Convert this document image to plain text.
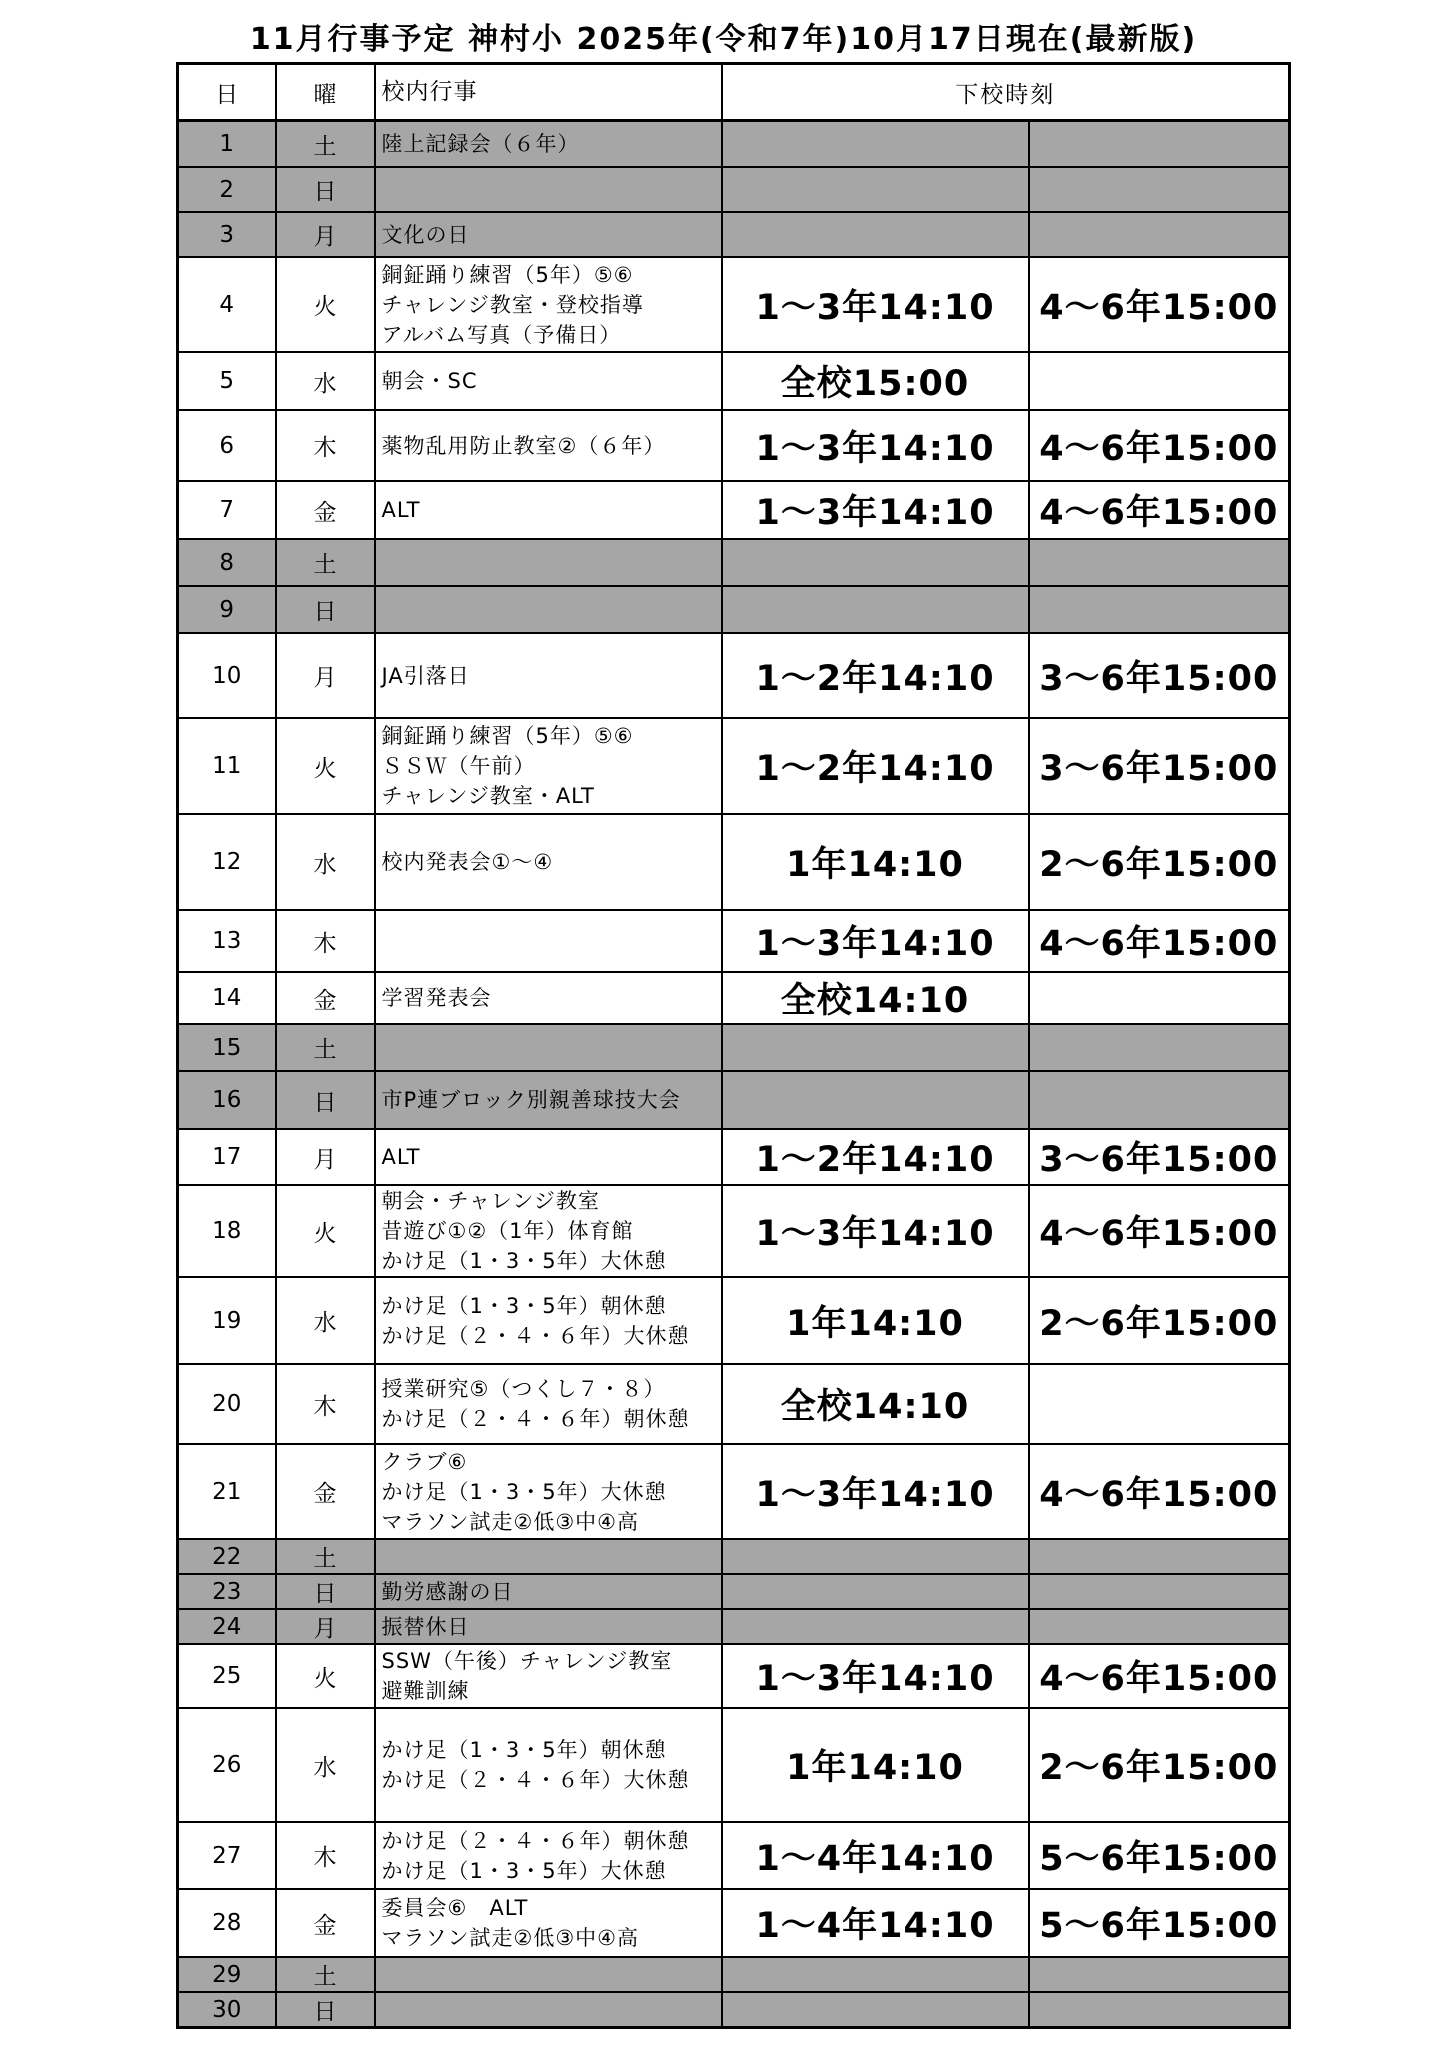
11月行事予定 神村小 2025年(令和7年)10月17日現在(最新版)
日	曜	校内行事	下校時刻	
1	土	陸上記録会（６年）		

2	日			
3	月	文化の日		

4	火	銅鉦踊り練習（5年）⑤⑥
チャレンジ教室・登校指導
アルバム写真（予備日）	1～3年14:10	4～6年15:00
5	水	朝会・SC	全校15:00	
6	木	薬物乱用防止教室②（６年）	1～3年14:10	4～6年15:00
7	金	ALT	1～3年14:10	4～6年15:00
8	土			
9	日			
10	月	JA引落日	1～2年14:10	3～6年15:00
11	火	銅鉦踊り練習（5年）⑤⑥
ＳＳＷ（午前）
チャレンジ教室・ALT	1～2年14:10	3～6年15:00
12	水	校内発表会①～④	1年14:10	2～6年15:00
13	木		1～3年14:10	4～6年15:00
14	金	学習発表会	全校14:10	
15	土			
16	日	市P連ブロック別親善球技大会		

17	月	ALT	1～2年14:10	3～6年15:00
18	火	朝会・チャレンジ教室
昔遊び①②（1年）体育館
かけ足（1・3・5年）大休憩	1～3年14:10	4～6年15:00
19	水	かけ足（1・3・5年）朝休憩
かけ足（２・４・６年）大休憩	1年14:10	2～6年15:00
20	木	授業研究⑤（つくし７・８）
かけ足（２・４・６年）朝休憩	全校14:10	
21	金	クラブ⑥
かけ足（1・3・5年）大休憩
マラソン試走②低③中④高	1～3年14:10	4～6年15:00
22	土			
23	日	勤労感謝の日		

24	月	振替休日		

25	火	SSW（午後）チャレンジ教室
避難訓練	1～3年14:10	4～6年15:00
26	水	かけ足（1・3・5年）朝休憩
かけ足（２・４・６年）大休憩	1年14:10	2～6年15:00
27	木	かけ足（２・４・６年）朝休憩
かけ足（1・3・5年）大休憩	1～4年14:10	5～6年15:00
28	金	委員会⑥　ALT
マラソン試走②低③中④高	1～4年14:10	5～6年15:00
29	土			
30	日			
